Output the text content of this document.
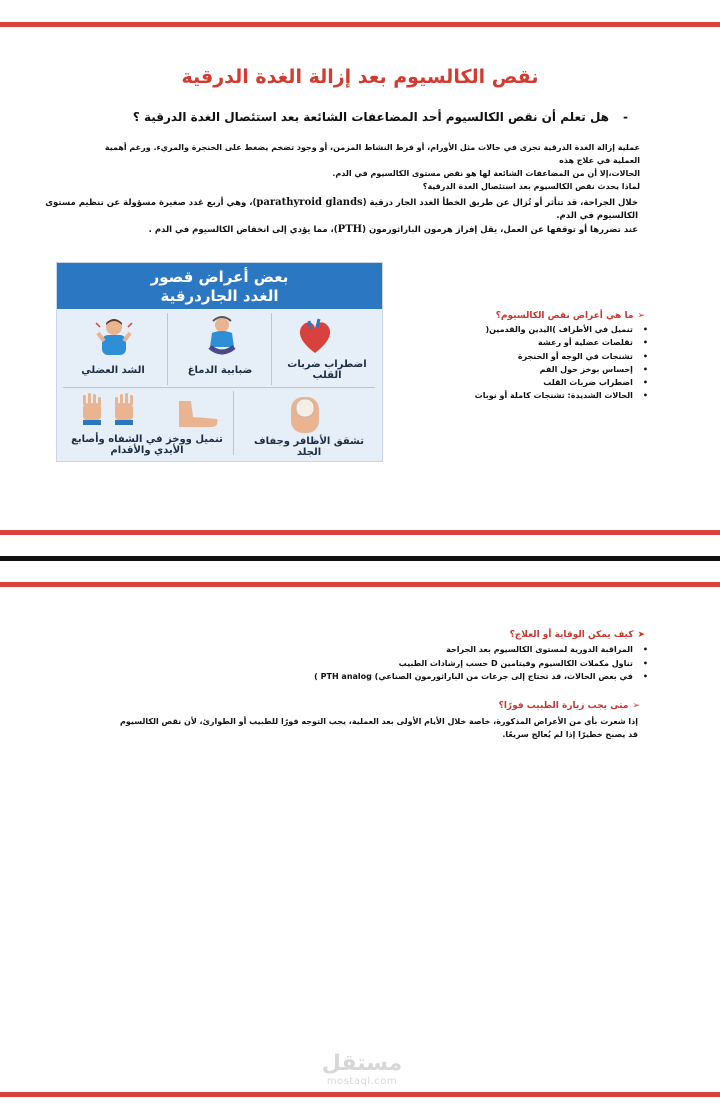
نقص الكالسيوم بعد إزالة الغدة الدرقية
-هل تعلم أن نقص الكالسيوم أحد المضاعفات الشائعة بعد استئصال الغدة الدرقية ؟
عملية إزالة الغدة الدرقية تجرى في حالات مثل الأورام، أو فرط النشاط المزمن، أو وجود تضخم يضغط على الحنجرة والمريء. ورغم أهمية العملية في علاج هذه
الحالات،إلا أن من المضاعفات الشائعة لها هو نقص مستوى الكالسيوم في الدم.
لماذا يحدث نقص الكالسيوم بعد استئصال الغدة الدرقية؟
خلال الجراحة، قد تتأثر أو تُزال عن طريق الخطأ الغدد الجار درقية (parathyroid glands)، وهي أربع غدد صغيرة مسؤولة عن تنظيم مستوى الكالسيوم في الدم.
عند تضررها أو توقفها عن العمل، يقل إفراز هرمون الباراثورمون (PTH)، مما يؤدي إلى انخفاض الكالسيوم في الدم .
بعض أعراض قصور
الغدد الجاردرقية
الشد العضلي	ضبابية الدماغ
اضطراب ضربات القلب
تنميل ووخز في الشفاه وأصابع الأيدي والأقدام
تشقق الأظافر وجفاف الجلد
➢ما هي أعراض نقص الكالسيوم؟
• تنميل في الأطراف )اليدين والقدمين(
• تقلصات عضلية أو رعشة
• تشنجات في الوجه أو الحنجرة
• إحساس بوخز حول الفم
• اضطراب ضربات القلب
• الحالات الشديدة: تشنجات كاملة أو نوبات
➤كيف يمكن الوقاية أو العلاج؟
• المراقبة الدورية لمستوى الكالسيوم بعد الجراحة
• تناول مكملات الكالسيوم وفيتامين D حسب إرشادات الطبيب
• في بعض الحالات، قد تحتاج إلى جرعات من الباراثورمون الصناعي) PTH analog )
➢متى يجب زيارة الطبيب فورًا؟
إذا شعرت بأي من الأعراض المذكورة، خاصة خلال الأيام الأولى بعد العملية، يجب التوجه فورًا للطبيب أو الطوارئ، لأن نقص الكالسيوم قد يصبح خطيرًا إذا لم يُعالج سريعًا.
مستقل
mostaql.com
